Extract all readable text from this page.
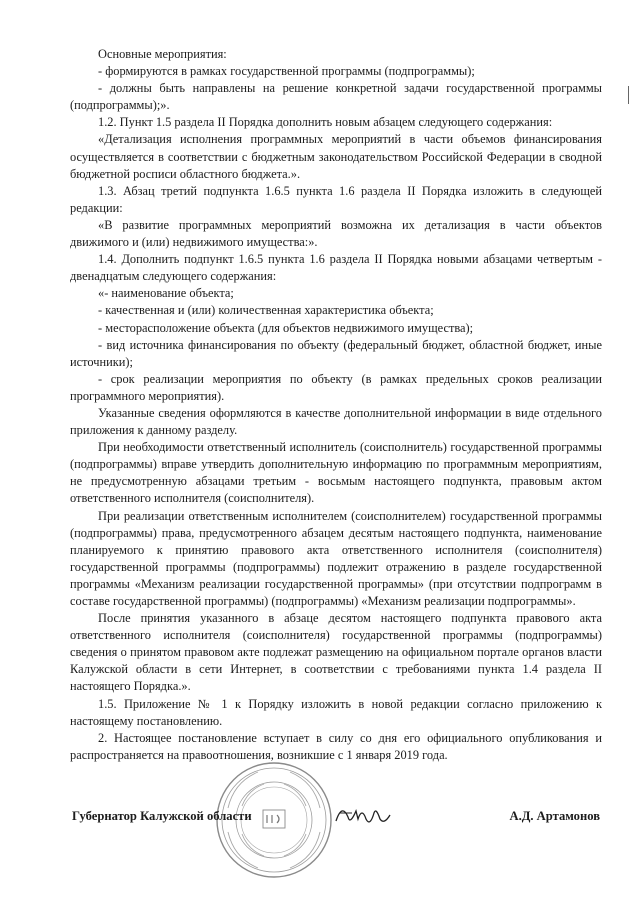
Основные мероприятия:

- формируются в рамках государственной программы (подпрограммы);

- должны быть направлены на решение конкретной задачи государственной программы (подпрограммы);».

1.2. Пункт 1.5 раздела II Порядка дополнить новым абзацем следующего содержания:

«Детализация исполнения программных мероприятий в части объемов финансирования осуществляется в соответствии с бюджетным законодательством Российской Федерации в сводной бюджетной росписи областного бюджета.».

1.3. Абзац третий подпункта 1.6.5 пункта 1.6 раздела II Порядка изложить в следующей редакции:

«В развитие программных мероприятий возможна их детализация в части объектов движимого и (или) недвижимого имущества:».

1.4. Дополнить подпункт 1.6.5 пункта 1.6 раздела II Порядка новыми абзацами четвертым - двенадцатым следующего содержания:

«- наименование объекта;

- качественная и (или) количественная характеристика объекта;

- месторасположение объекта (для объектов недвижимого имущества);

- вид источника финансирования по объекту (федеральный бюджет, областной бюджет, иные источники);

- срок реализации мероприятия по объекту (в рамках предельных сроков реализации программного мероприятия).

Указанные сведения оформляются в качестве дополнительной информации в виде отдельного приложения к данному разделу.

При необходимости ответственный исполнитель (соисполнитель) государственной программы (подпрограммы) вправе утвердить дополнительную информацию по программным мероприятиям, не предусмотренную абзацами третьим - восьмым настоящего подпункта, правовым актом ответственного исполнителя (соисполнителя).

При реализации ответственным исполнителем (соисполнителем) государственной программы (подпрограммы) права, предусмотренного абзацем десятым настоящего подпункта, наименование планируемого к принятию правового акта ответственного исполнителя (соисполнителя) государственной программы (подпрограммы) подлежит отражению в разделе государственной программы «Механизм реализации государственной программы» (при отсутствии подпрограмм в составе государственной программы) (подпрограммы) «Механизм реализации подпрограммы».

После принятия указанного в абзаце десятом настоящего подпункта правового акта ответственного исполнителя (соисполнителя) государственной программы (подпрограммы) сведения о принятом правовом акте подлежат размещению на официальном портале органов власти Калужской области в сети Интернет, в соответствии с требованиями пункта 1.4 раздела II настоящего Порядка.».

1.5. Приложение № 1 к Порядку изложить в новой редакции согласно приложению к настоящему постановлению.

2. Настоящее постановление вступает в силу со дня его официального опубликования и распространяется на правоотношения, возникшие с 1 января 2019 года.

Губернатор Калужской области	А.Д. Артамонов
